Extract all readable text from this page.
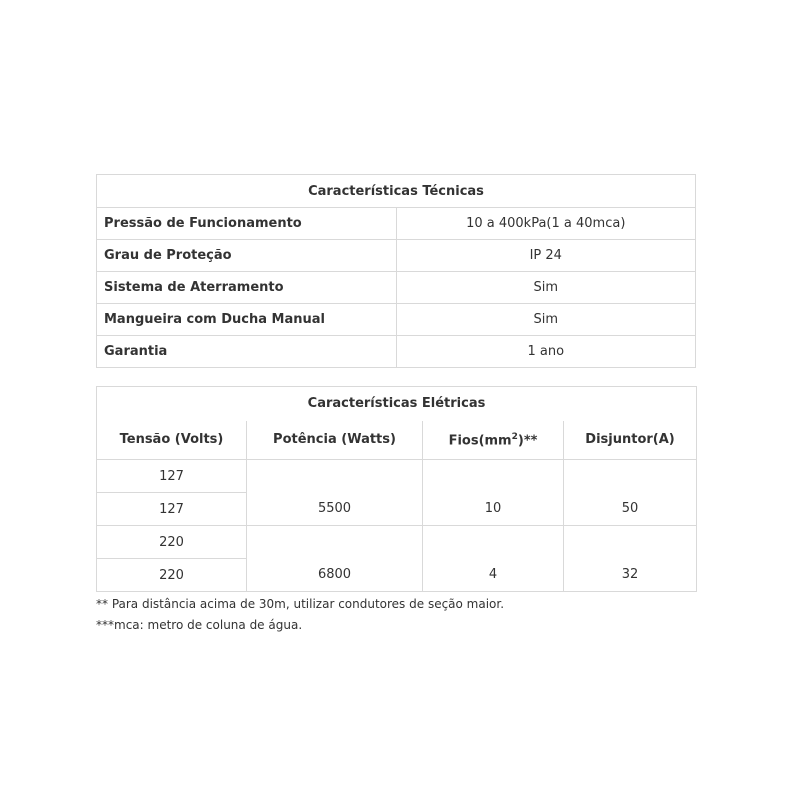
Características Técnicas	
Pressão de Funcionamento	10 a 400kPa(1 a 40mca)
Grau de Proteção	IP 24
Sistema de Aterramento	Sim
Mangueira com Ducha Manual	Sim
Garantia	1 ano
Características Elétricas			
Tensão (Volts)	Potência (Watts)	$Fios(mm^2)**$	Disjuntor(A)
127			
127	5500	10	50
220			
220	6800	4	32
** Para distância acima de 30m, utilizar condutores de seção maior.
***mca: metro de coluna de água.
